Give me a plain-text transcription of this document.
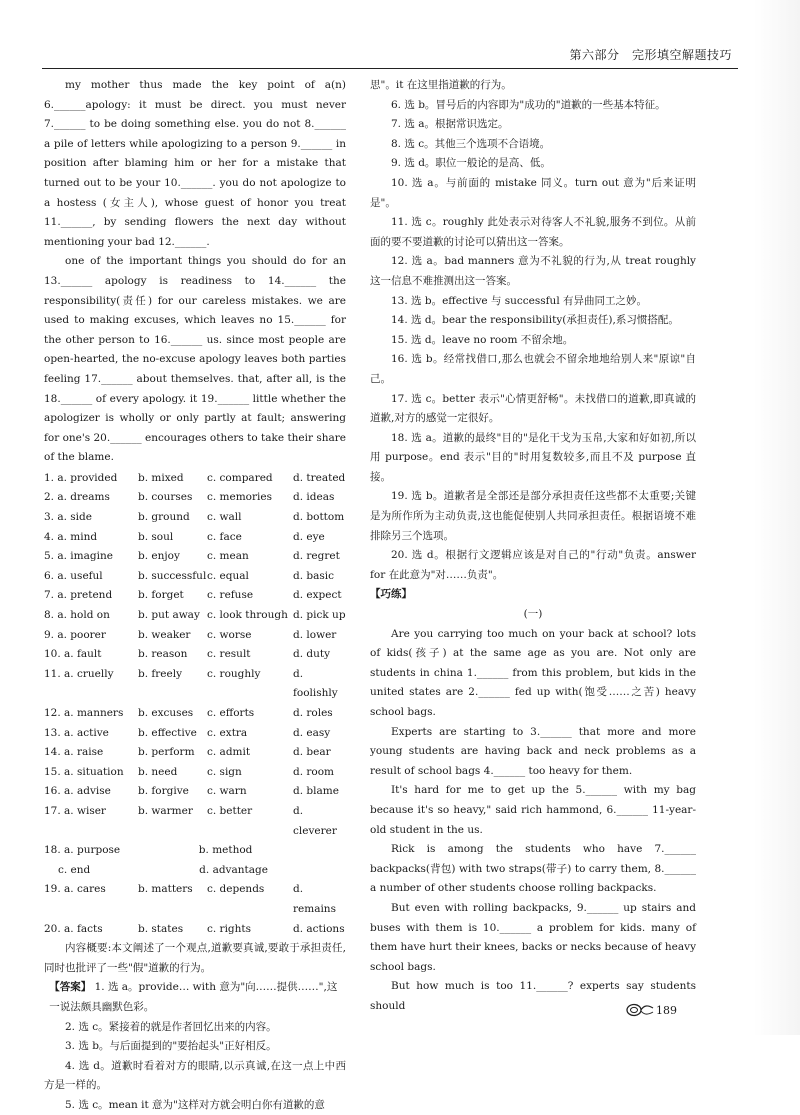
第六部分　完形填空解题技巧

my mother thus made the key point of a(n) 6.______apology: it must be direct. you must never 7.______ to be doing something else. you do not 8.______ a pile of letters while apologizing to a person 9.______ in position after blaming him or her for a mistake that turned out to be your 10.______. you do not apologize to a hostess (女主人), whose guest of honor you treat 11.______, by sending flowers the next day without mentioning your bad 12.______.

one of the important things you should do for an 13.______ apology is readiness to 14.______ the responsibility(责任) for our careless mistakes. we are used to making excuses, which leaves no 15.______ for the other person to 16.______ us. since most people are open-hearted, the no-excuse apology leaves both parties feeling 17.______ about themselves. that, after all, is the 18.______ of every apology. it 19.______ little whether the apologizer is wholly or only partly at fault; answering for one's 20.______ encourages others to take their share of the blame.

1. a. provided	b. mixed	c. compared	d. treated
2. a. dreams	b. courses	c. memories	d. ideas
3. a. side	b. ground	c. wall	d. bottom
4. a. mind	b. soul	c. face	d. eye
5. a. imagine	b. enjoy	c. mean	d. regret
6. a. useful	b. successful c. equal	d. basic
7. a. pretend	b. forget	c. refuse	d. expect
8. a. hold on	b. put away c. look through d. pick up
9. a. poorer	b. weaker	c. worse	d. lower
10. a. fault	b. reason	c. result	d. duty
11. a. cruelly	b. freely	c. roughly	d. foolishly
12. a. manners	b. excuses	c. efforts	d. roles
13. a. active	b. effective c. extra	d. easy
14. a. raise	b. perform	c. admit	d. bear
15. a. situation	b. need	c. sign	d. room
16. a. advise	b. forgive	c. warn	d. blame
17. a. wiser	b. warmer	c. better	d. cleverer
18. a. purpose	b. method
c. end	d. advantage
19. a. cares	b. matters	c. depends	d. remains
20. a. facts	b. states	c. rights	d. actions

内容概要:本文阐述了一个观点,道歉要真诚,要敢于承担责任,同时也批评了一些"假"道歉的行为。

【答案】 1. 选 a。provide… with 意为"向……提供……",这一说法颇具幽默色彩。

2. 选 c。紧接着的就是作者回忆出来的内容。

3. 选 b。与后面提到的"要抬起头"正好相反。

4. 选 d。道歉时看着对方的眼睛,以示真诚,在这一点上中西方是一样的。

5. 选 c。mean it 意为"这样对方就会明白你有道歉的意

思"。it 在这里指道歉的行为。

6. 选 b。冒号后的内容即为"成功的"道歉的一些基本特征。

7. 选 a。根据常识选定。

8. 选 c。其他三个选项不合语境。

9. 选 d。职位一般论的是高、低。

10. 选 a。与前面的 mistake 同义。turn out 意为"后来证明是"。

11. 选 c。roughly 此处表示对待客人不礼貌,服务不到位。从前面的要不要道歉的讨论可以猜出这一答案。

12. 选 a。bad manners 意为不礼貌的行为,从 treat roughly 这一信息不难推测出这一答案。

13. 选 b。effective 与 successful 有异曲同工之妙。

14. 选 d。bear the responsibility(承担责任),系习惯搭配。

15. 选 d。leave no room 不留余地。

16. 选 b。经常找借口,那么也就会不留余地地给别人来"原谅"自己。

17. 选 c。better 表示"心情更舒畅"。未找借口的道歉,即真诚的道歉,对方的感觉一定很好。

18. 选 a。道歉的最终"目的"是化干戈为玉帛,大家和好如初,所以用 purpose。end 表示"目的"时用复数较多,而且不及 purpose 直接。

19. 选 b。道歉者是全部还是部分承担责任这些都不太重要;关键是为所作所为主动负责,这也能促使别人共同承担责任。根据语境不难排除另三个选项。

20. 选 d。根据行文逻辑应该是对自己的"行动"负责。answer for 在此意为"对……负责"。

【巧练】

(一)

Are you carrying too much on your back at school? lots of kids(孩子) at the same age as you are. Not only are students in china 1.______ from this problem, but kids in the united states are 2.______ fed up with(饱受……之苦) heavy school bags.

Experts are starting to 3.______ that more and more young students are having back and neck problems as a result of school bags 4.______ too heavy for them.

It's hard for me to get up the 5.______ with my bag because it's so heavy," said rich hammond, 6.______ 11-year-old student in the us.

Rick is among the students who have 7.______ backpacks(背包) with two straps(带子) to carry them, 8.______ a number of other students choose rolling backpacks.

But even with rolling backpacks, 9.______ up stairs and buses with them is 10.______ a problem for kids. many of them have hurt their knees, backs or necks because of heavy school bags.

But how much is too 11.______? experts say students should	189
